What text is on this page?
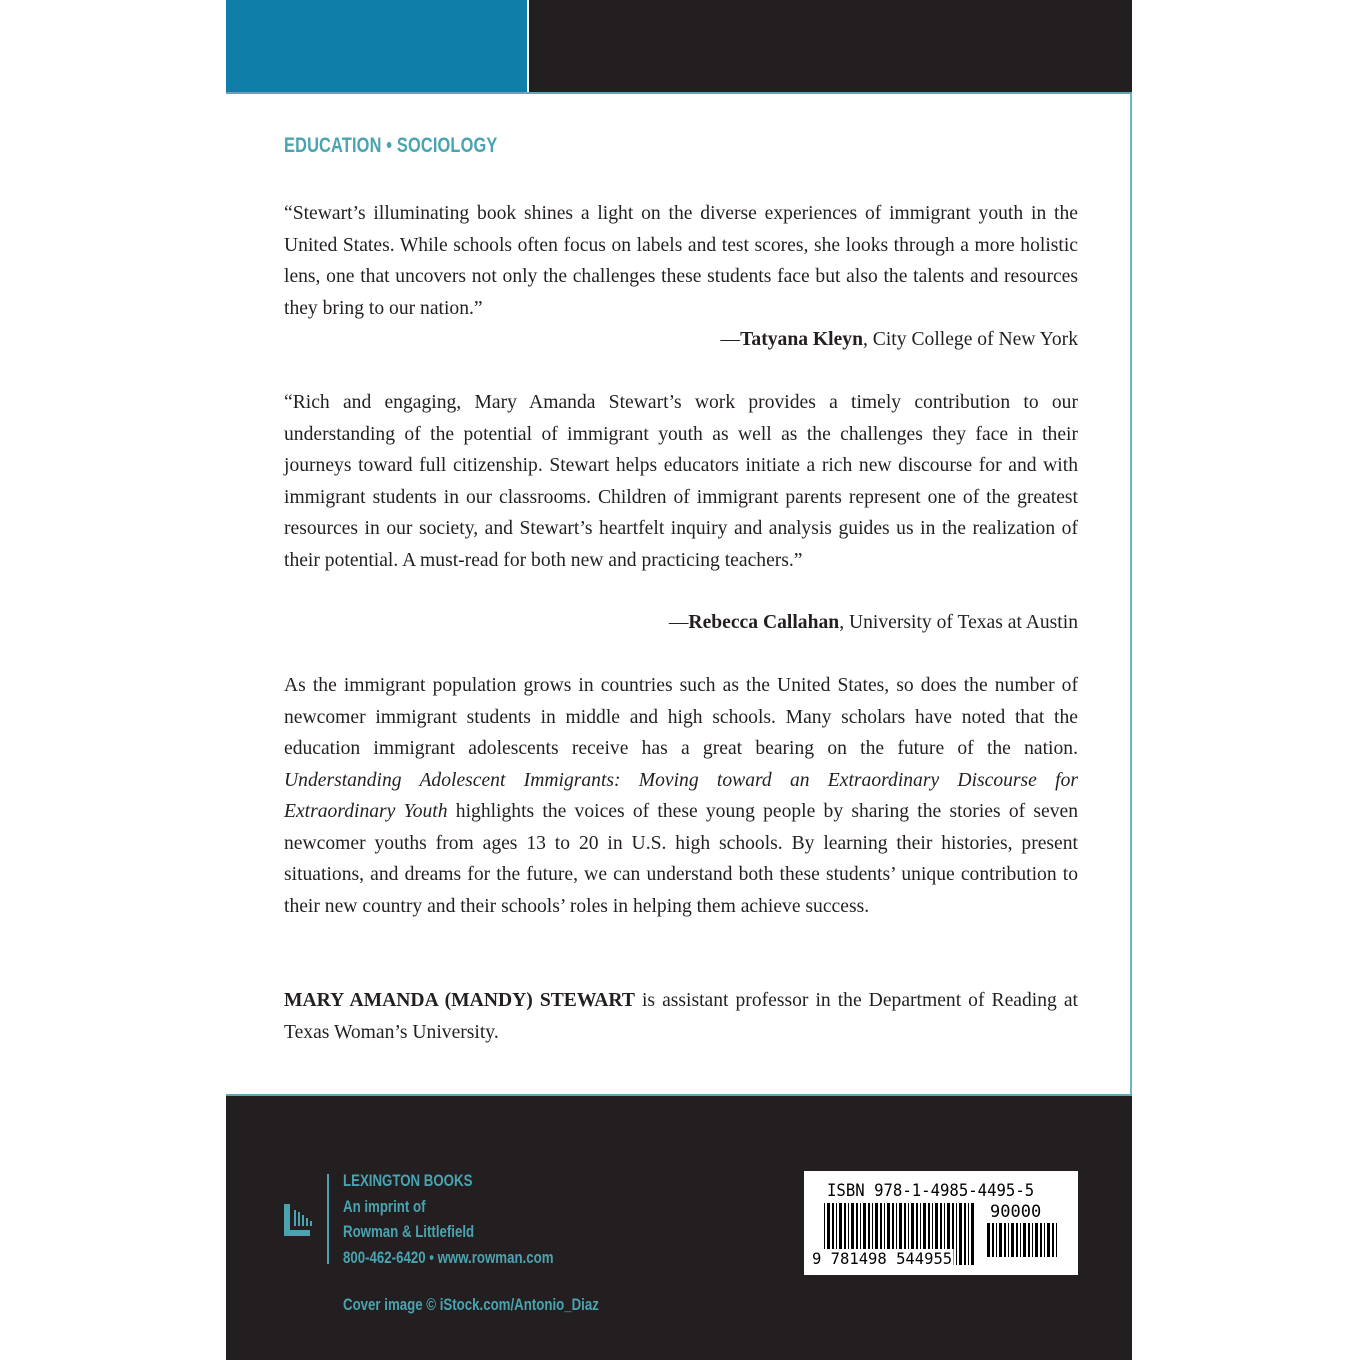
EDUCATION • SOCIOLOGY

“Stewart’s illuminating book shines a light on the diverse experiences of immigrant youth in the United States. While schools often focus on labels and test scores, she looks through a more holistic lens, one that uncovers not only the challenges these students face but also the talents and resources they bring to our nation.”

—Tatyana Kleyn, City College of New York

“Rich and engaging, Mary Amanda Stewart’s work provides a timely contribution to our understanding of the potential of immigrant youth as well as the challenges they face in their journeys toward full citizenship. Stewart helps educators initiate a rich new discourse for and with immigrant students in our classrooms. Children of immigrant parents represent one of the greatest resources in our society, and Stewart’s heartfelt inquiry and analysis guides us in the realization of their potential. A must-read for both new and practicing teachers.”

—Rebecca Callahan, University of Texas at Austin

As the immigrant population grows in countries such as the United States, so does the number of newcomer immigrant students in middle and high schools. Many scholars have noted that the education immigrant adolescents receive has a great bearing on the future of the nation. Understanding Adolescent Immigrants: Moving toward an Extraordinary Discourse for Extraordinary Youth highlights the voices of these young people by sharing the stories of seven newcomer youths from ages 13 to 20 in U.S. high schools. By learning their histories, present situations, and dreams for the future, we can understand both these students’ unique contribution to their new country and their schools’ roles in helping them achieve success.

MARY AMANDA (MANDY) STEWART is assistant professor in the Department of Reading at Texas Woman’s University.

LEXINGTON BOOKS
An imprint of
Rowman & Littlefield
800-462-6420 • www.rowman.com
Cover image © iStock.com/Antonio_Diaz
ISBN 978-1-4985-4495-5
90000
9 781498 544955
